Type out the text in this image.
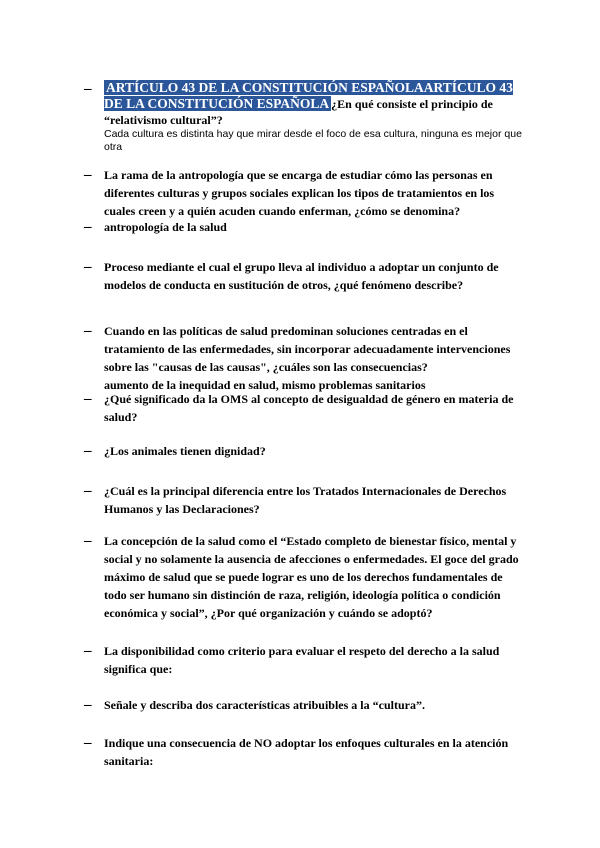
– ARTÍCULO 43 DE LA CONSTITUCIÓN ESPAÑOLAARTÍCULO 43 DE LA CONSTITUCIÓN ESPAÑOLA ¿En qué consiste el principio de “relativismo cultural”?
Cada cultura es distinta hay que mirar desde el foco de esa cultura, ninguna es mejor que otra
– La rama de la antropología que se encarga de estudiar cómo las personas en diferentes culturas y grupos sociales explican los tipos de tratamientos en los cuales creen y a quién acuden cuando enferman, ¿cómo se denomina?
– antropología de la salud
– Proceso mediante el cual el grupo lleva al individuo a adoptar un conjunto de modelos de conducta en sustitución de otros, ¿qué fenómeno describe?
– Cuando en las políticas de salud predominan soluciones centradas en el tratamiento de las enfermedades, sin incorporar adecuadamente intervenciones sobre las "causas de las causas", ¿cuáles son las consecuencias?
aumento de la inequidad en salud, mismo problemas sanitarios
– ¿Qué significado da la OMS al concepto de desigualdad de género en materia de salud?
– ¿Los animales tienen dignidad?
– ¿Cuál es la principal diferencia entre los Tratados Internacionales de Derechos Humanos y las Declaraciones?
– La concepción de la salud como el “Estado completo de bienestar físico, mental y social y no solamente la ausencia de afecciones o enfermedades. El goce del grado máximo de salud que se puede lograr es uno de los derechos fundamentales de todo ser humano sin distinción de raza, religión, ideología política o condición económica y social”, ¿Por qué organización y cuándo se adoptó?
– La disponibilidad como criterio para evaluar el respeto del derecho a la salud significa que:
– Señale y describa dos características atribuibles a la “cultura”.
– Indique una consecuencia de NO adoptar los enfoques culturales en la atención sanitaria:
